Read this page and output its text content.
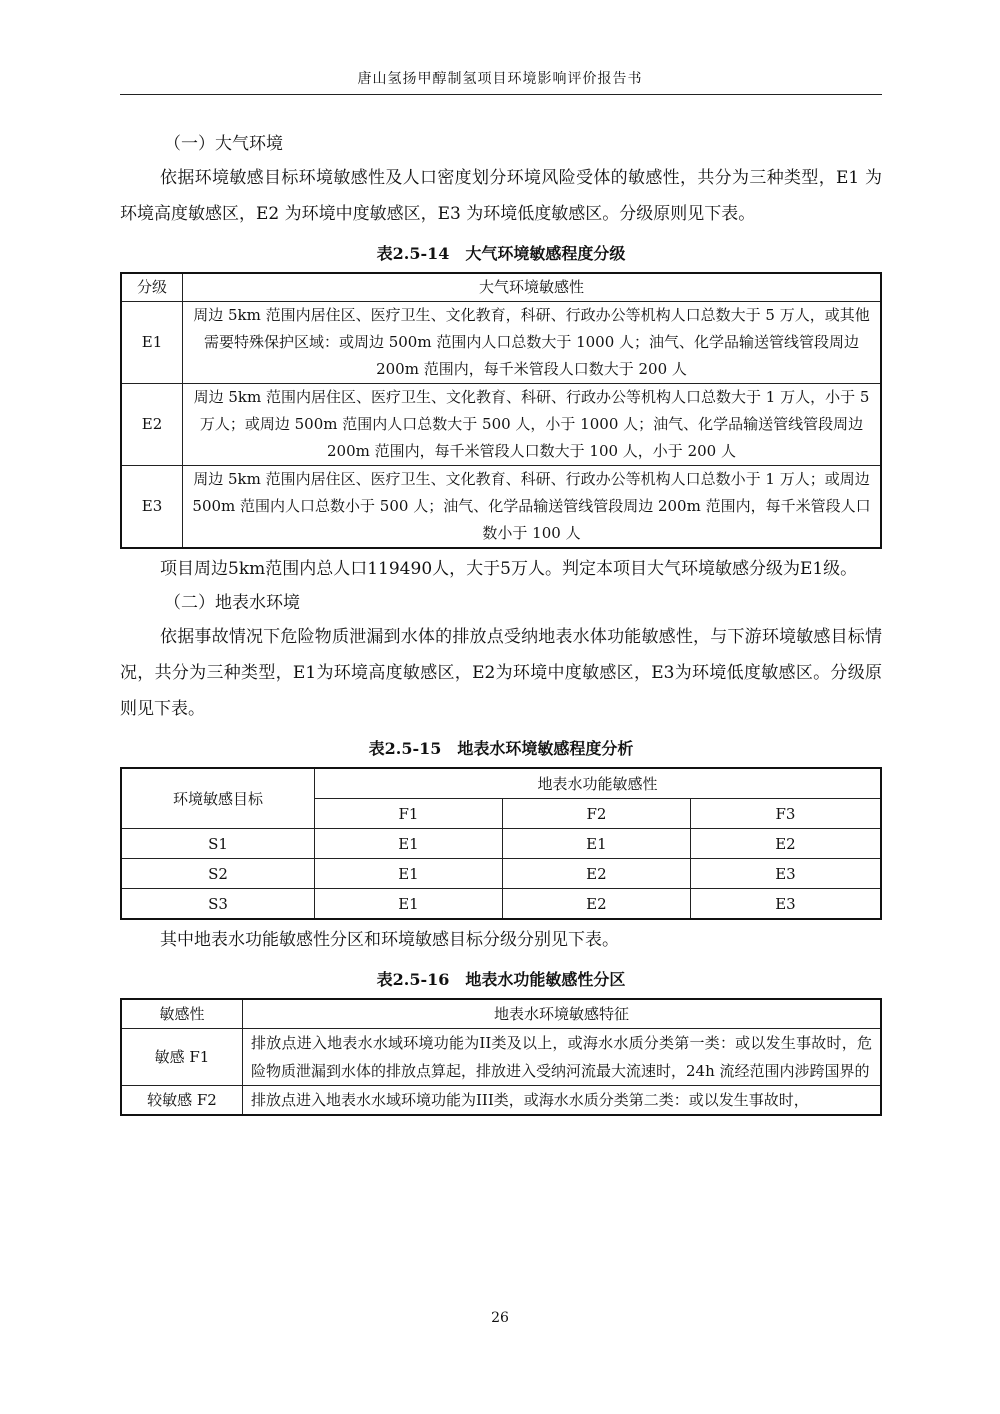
唐山氢扬甲醇制氢项目环境影响评价报告书

（一）大气环境

依据环境敏感目标环境敏感性及人口密度划分环境风险受体的敏感性，共分为三种类型，E1 为环境高度敏感区，E2 为环境中度敏感区，E3 为环境低度敏感区。分级原则见下表。

表2.5-14　大气环境敏感程度分级
分级	大气环境敏感性
E1	周边 5km 范围内居住区、医疗卫生、文化教育，科研、行政办公等机构人口总数大于 5 万人，或其他需要特殊保护区域：或周边 500m 范围内人口总数大于 1000 人；油气、化学品输送管线管段周边 200m 范围内，每千米管段人口数大于 200 人
E2	周边 5km 范围内居住区、医疗卫生、文化教育、科研、行政办公等机构人口总数大于 1 万人，小于 5 万人；或周边 500m 范围内人口总数大于 500 人，小于 1000 人；油气、化学品输送管线管段周边 200m 范围内，每千米管段人口数大于 100 人，小于 200 人
E3	周边 5km 范围内居住区、医疗卫生、文化教育、科研、行政办公等机构人口总数小于 1 万人；或周边 500m 范围内人口总数小于 500 人；油气、化学品输送管线管段周边 200m 范围内，每千米管段人口数小于 100 人

项目周边5km范围内总人口119490人，大于5万人。判定本项目大气环境敏感分级为E1级。

（二）地表水环境

依据事故情况下危险物质泄漏到水体的排放点受纳地表水体功能敏感性，与下游环境敏感目标情况，共分为三种类型，E1为环境高度敏感区，E2为环境中度敏感区，E3为环境低度敏感区。分级原则见下表。

表2.5-15　地表水环境敏感程度分析
环境敏感目标	地表水功能敏感性		
	F1	F2	F3
S1	E1	E1	E2
S2	E1	E2	E3
S3	E1	E2	E3

其中地表水功能敏感性分区和环境敏感目标分级分别见下表。

表2.5-16　地表水功能敏感性分区
敏感性	地表水环境敏感特征
敏感 F1	排放点进入地表水水域环境功能为II类及以上，或海水水质分类第一类：或以发生事故时，危险物质泄漏到水体的排放点算起，排放进入受纳河流最大流速时，24h 流经范围内涉跨国界的
较敏感 F2	排放点进入地表水水域环境功能为III类，或海水水质分类第二类：或以发生事故时，
26
